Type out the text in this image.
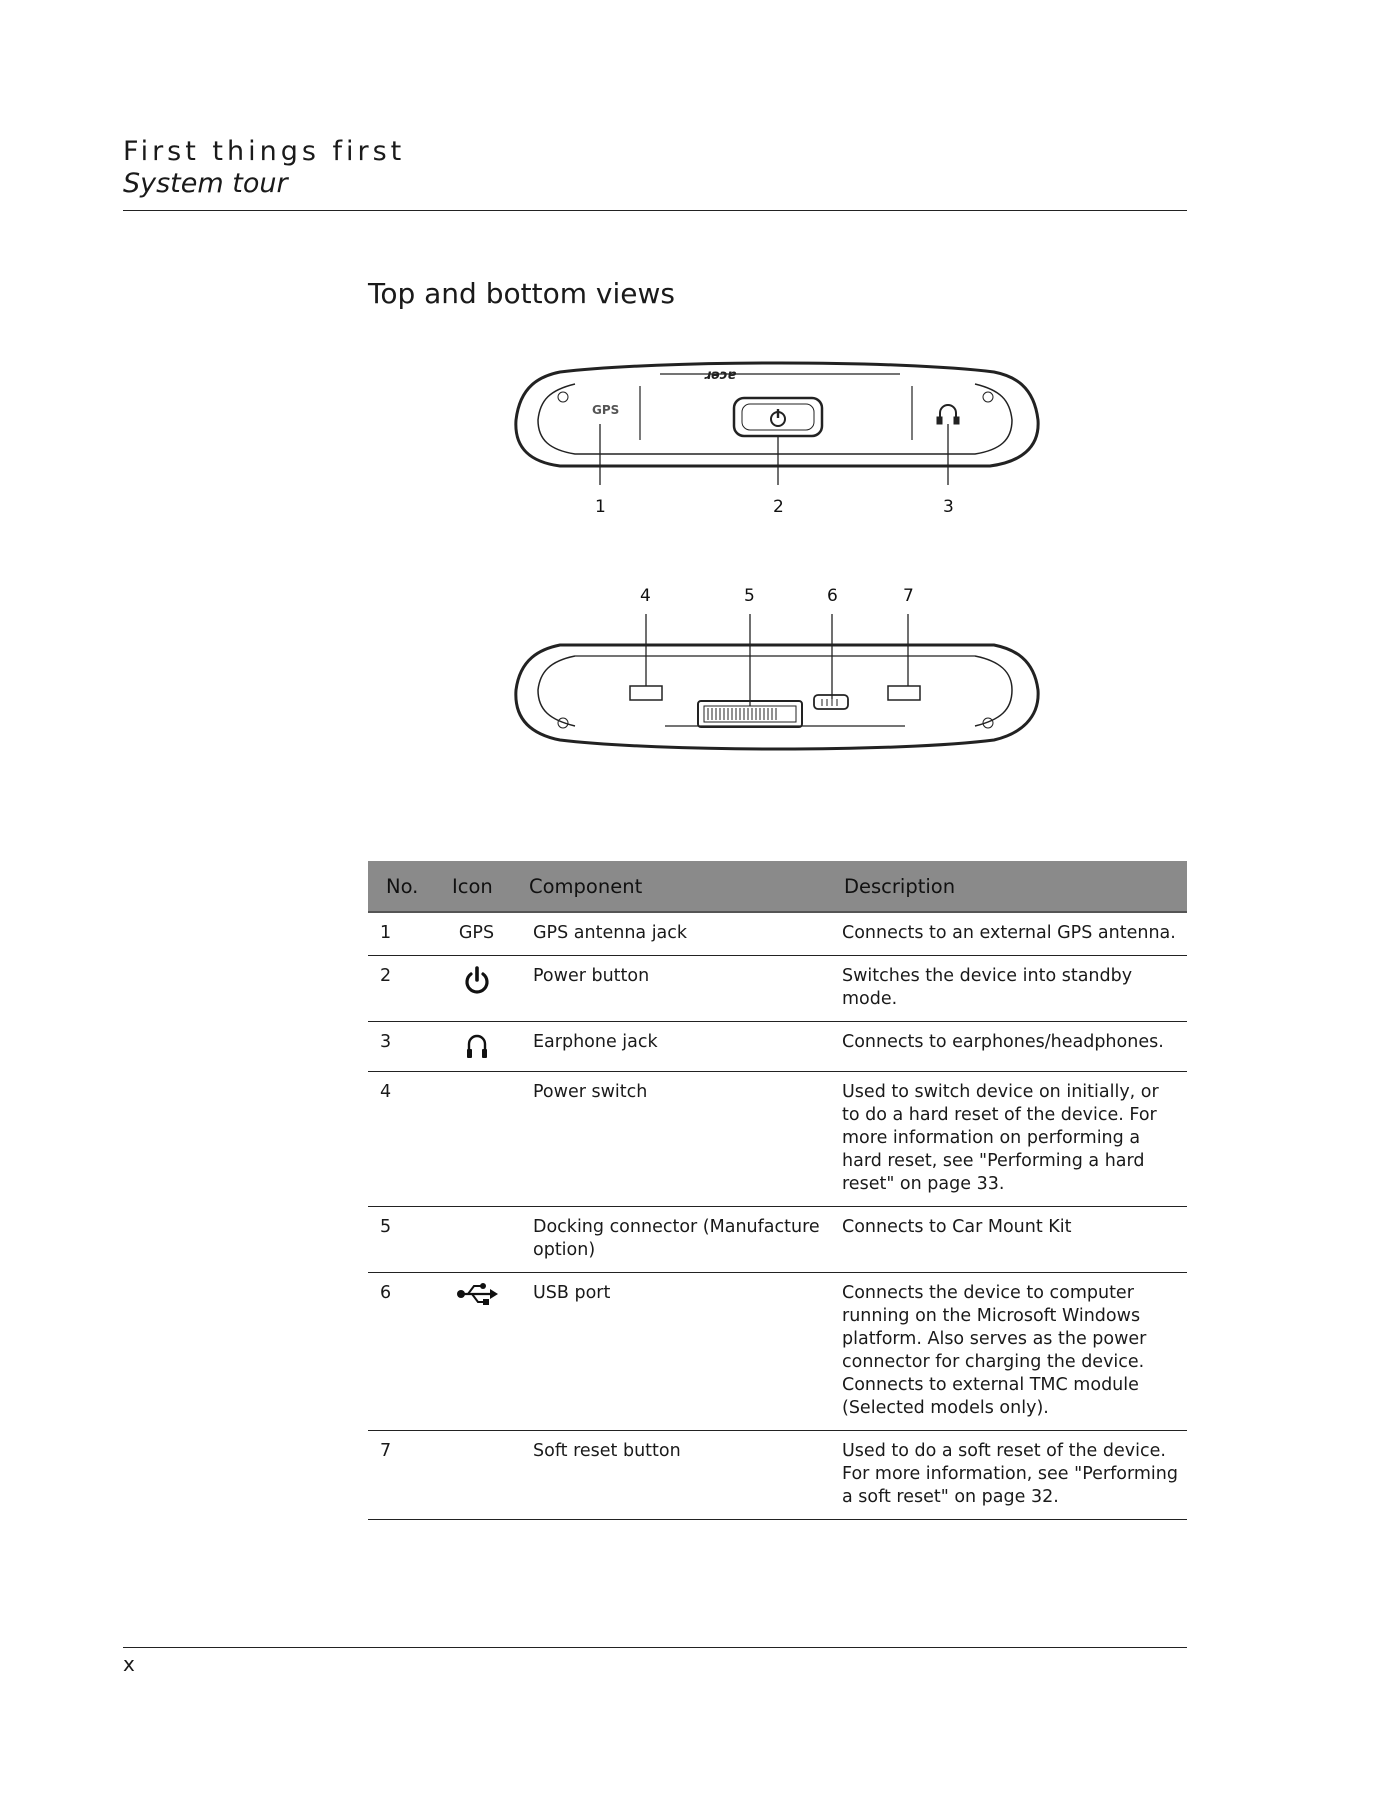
First things first
System tour
Top and bottom views
ɹǝɔɐ
GPS
1	2	3
4	5	6	7
No.	Icon	Component	Description
1	GPS	GPS antenna jack	Connects to an external GPS antenna.
2		Power button	Switches the device into standby mode.
3		Earphone jack	Connects to earphones/headphones.
4		Power switch	Used to switch device on initially, or to do a hard reset of the device. For more information on performing a hard reset, see "Performing a hard reset" on page 33.
5		Docking connector (Manufacture option)	Connects to Car Mount Kit
6		USB port	Connects the device to computer running on the Microsoft Windows platform. Also serves as the power connector for charging the device. Connects to external TMC module (Selected models only).
7		Soft reset button	Used to do a soft reset of the device. For more information, see "Performing a soft reset" on page 32.
x
